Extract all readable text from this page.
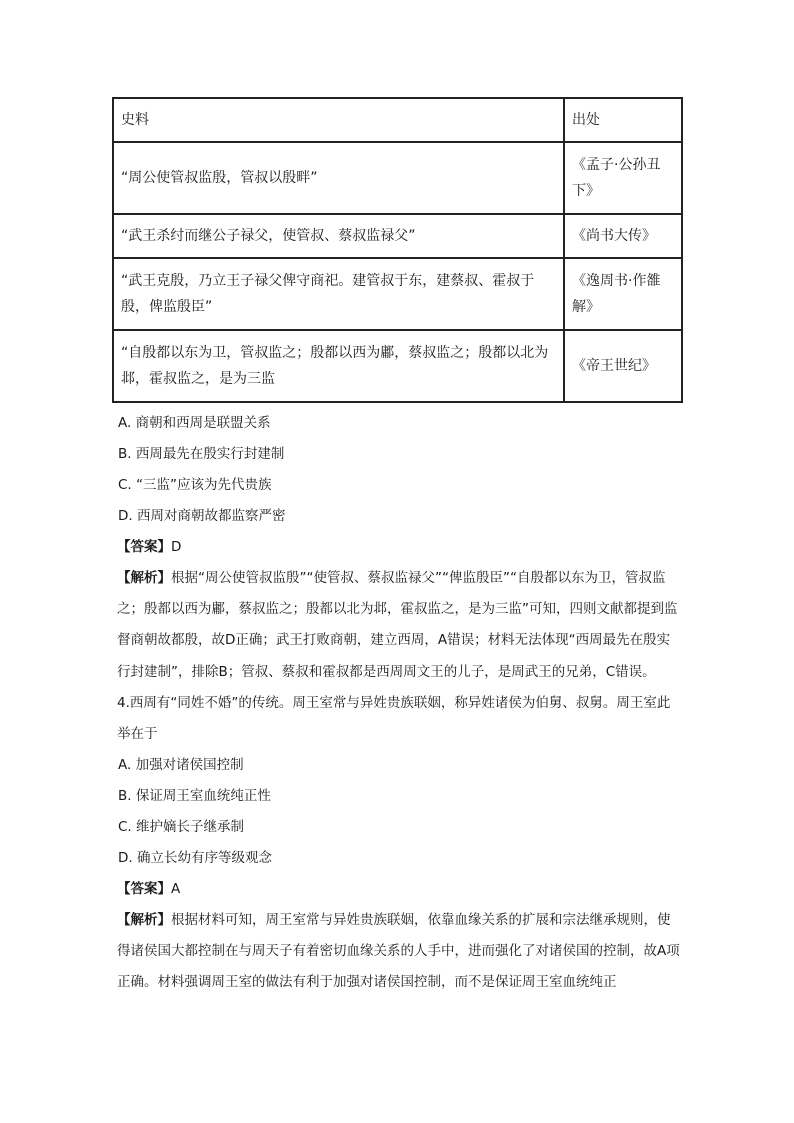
史料	出处
“周公使管叔监殷，管叔以殷畔”	《孟子·公孙丑下》
“武王杀纣而继公子禄父，使管叔、蔡叔监禄父”	《尚书大传》
“武王克殷，乃立王子禄父俾守商祀。建管叔于东，建蔡叔、霍叔于殷，俾监殷臣”	《逸周书·作雒解》
“自殷都以东为卫，管叔监之；殷都以西为鄘，蔡叔监之；殷都以北为邶，霍叔监之，是为三监	《帝王世纪》

A. 商朝和西周是联盟关系

B. 西周最先在殷实行封建制

C. “三监”应该为先代贵族

D. 西周对商朝故都监察严密

【答案】D

【解析】根据“周公使管叔监殷”“使管叔、蔡叔监禄父”“俾监殷臣”“自殷都以东为卫，管叔监之；殷都以西为鄘，蔡叔监之；殷都以北为邶，霍叔监之，是为三监”可知，四则文献都提到监督商朝故都殷，故D正确；武王打败商朝，建立西周，A错误；材料无法体现“西周最先在殷实行封建制”，排除B；管叔、蔡叔和霍叔都是西周周文王的儿子，是周武王的兄弟，C错误。

4.西周有“同姓不婚”的传统。周王室常与异姓贵族联姻，称异姓诸侯为伯舅、叔舅。周王室此举在于

A. 加强对诸侯国控制

B. 保证周王室血统纯正性

C. 维护嫡长子继承制

D. 确立长幼有序等级观念

【答案】A

【解析】根据材料可知，周王室常与异姓贵族联姻，依靠血缘关系的扩展和宗法继承规则，使得诸侯国大都控制在与周天子有着密切血缘关系的人手中，进而强化了对诸侯国的控制，故A项正确。材料强调周王室的做法有利于加强对诸侯国控制，而不是保证周王室血统纯正
